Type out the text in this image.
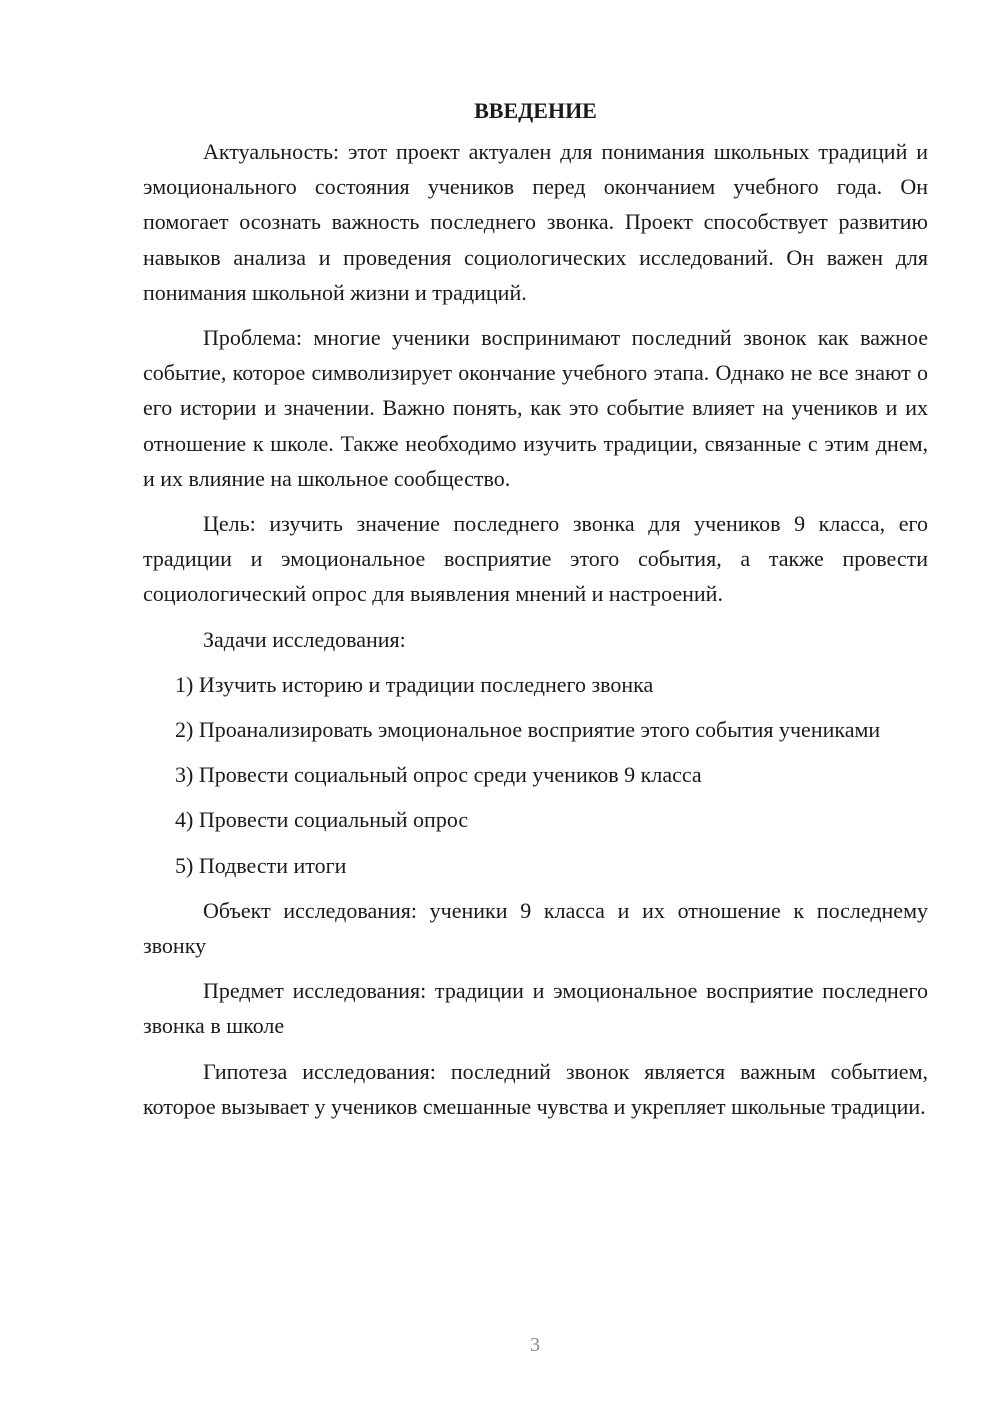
ВВЕДЕНИЕ

Актуальность: этот проект актуален для понимания школьных традиций и эмоционального состояния учеников перед окончанием учебного года. Он помогает осознать важность последнего звонка. Проект способствует развитию навыков анализа и проведения социологических исследований. Он важен для понимания школьной жизни и традиций.

Проблема: многие ученики воспринимают последний звонок как важное событие, которое символизирует окончание учебного этапа. Однако не все знают о его истории и значении. Важно понять, как это событие влияет на учеников и их отношение к школе. Также необходимо изучить традиции, связанные с этим днем, и их влияние на школьное сообщество.

Цель: изучить значение последнего звонка для учеников 9 класса, его традиции и эмоциональное восприятие этого события, а также провести социологический опрос для выявления мнений и настроений.

Задачи исследования:

1) Изучить историю и традиции последнего звонка

2) Проанализировать эмоциональное восприятие этого события учениками

3) Провести социальный опрос среди учеников 9 класса

4) Провести социальный опрос

5) Подвести итоги

Объект исследования: ученики 9 класса и их отношение к последнему звонку

Предмет исследования: традиции и эмоциональное восприятие последнего звонка в школе

Гипотеза исследования: последний звонок является важным событием, которое вызывает у учеников смешанные чувства и укрепляет школьные традиции.

3
